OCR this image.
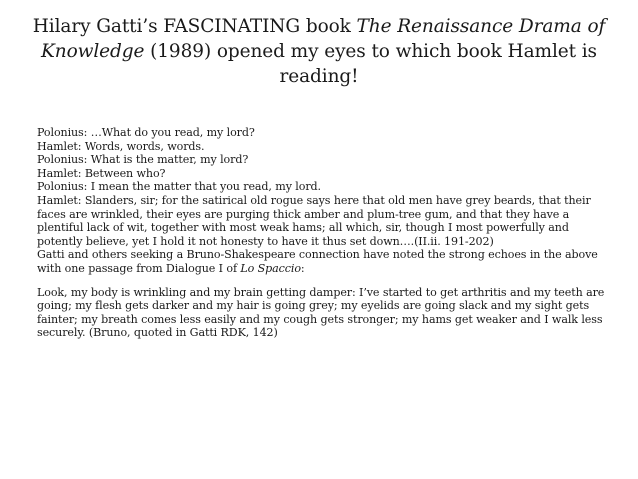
Hilary Gatti’s FASCINATING book The Renaissance Drama of Knowledge (1989) opened my eyes to which book Hamlet is reading!

Polonius: …What do you read, my lord?

Hamlet: Words, words, words.

Polonius: What is the matter, my lord?

Hamlet: Between who?

Polonius: I mean the matter that you read, my lord.

Hamlet: Slanders, sir; for the satirical old rogue says here that old men have grey beards, that their faces are wrinkled, their eyes are purging thick amber and plum-tree gum, and that they have a plentiful lack of wit, together with most weak hams; all which, sir, though I most powerfully and potently believe, yet I hold it not honesty to have it thus set down….(II.ii. 191-202)

Gatti and others seeking a Bruno-Shakespeare connection have noted the strong echoes in the above with one passage from Dialogue I of Lo Spaccio:

Look, my body is wrinkling and my brain getting damper: I’ve started to get arthritis and my teeth are going; my flesh gets darker and my hair is going grey; my eyelids are going slack and my sight gets fainter; my breath comes less easily and my cough gets stronger; my hams get weaker and I walk less securely. (Bruno, quoted in Gatti RDK, 142)
